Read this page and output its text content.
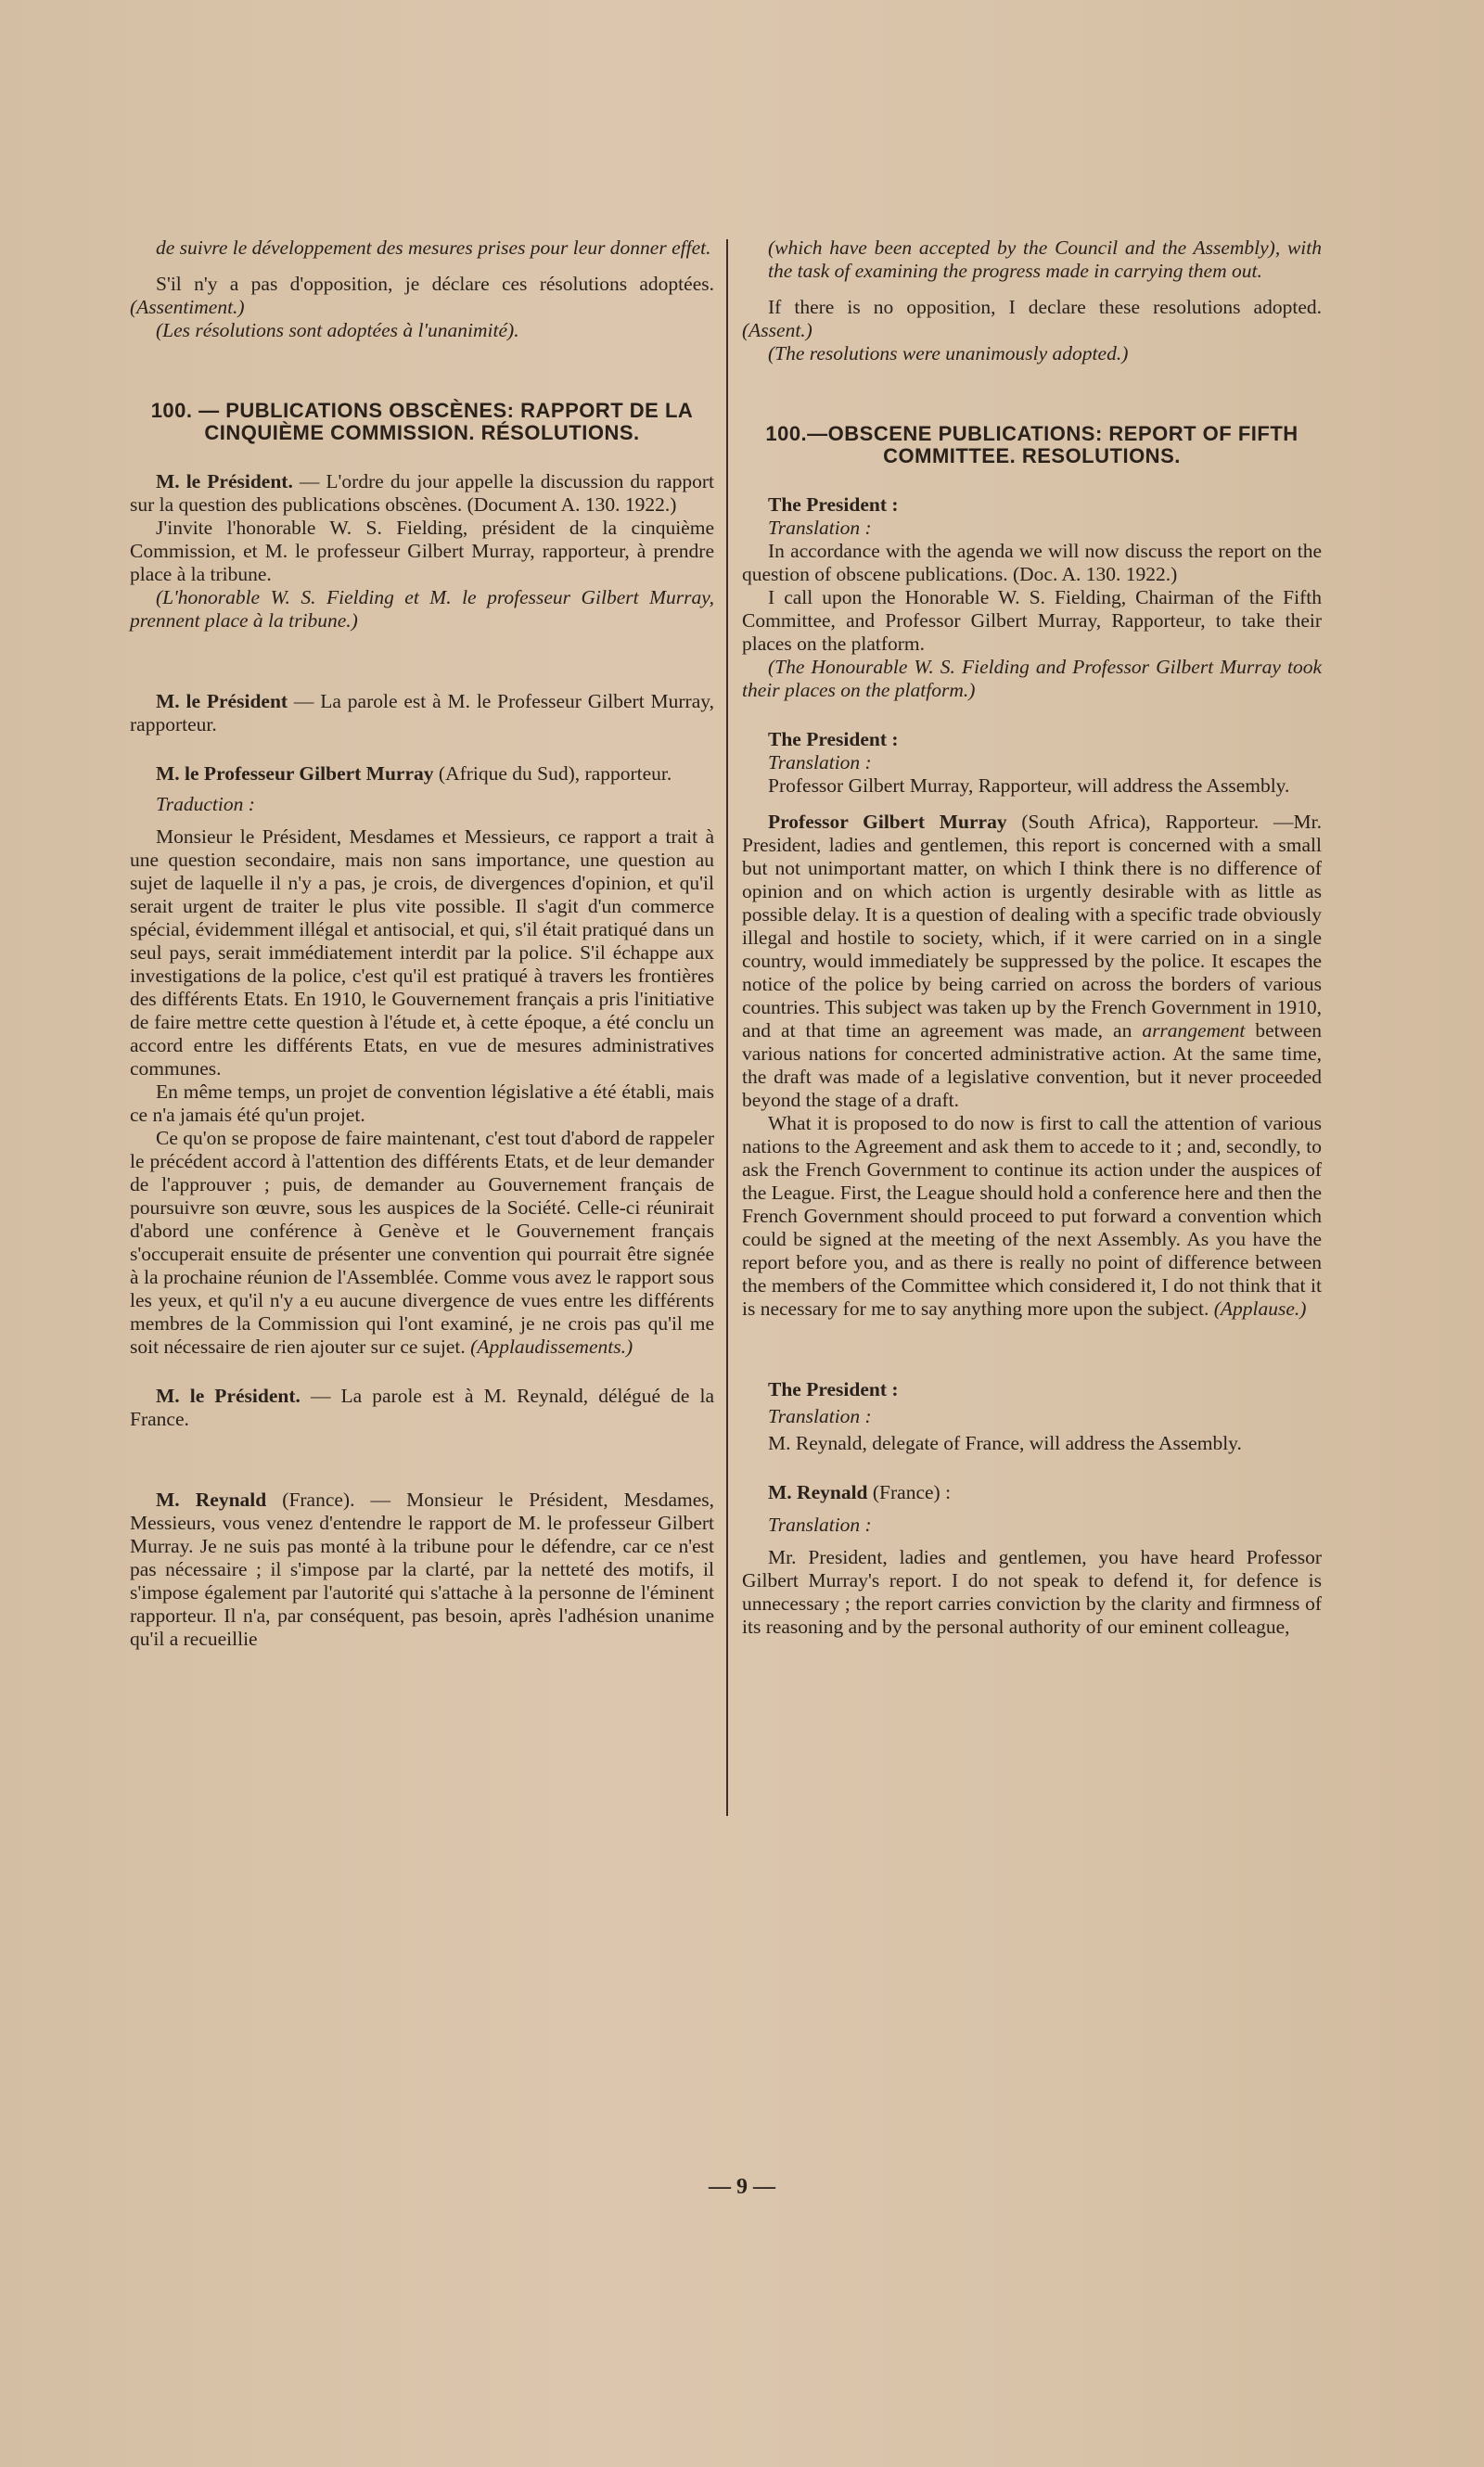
de suivre le développement des mesures prises pour leur donner effet.

S'il n'y a pas d'opposition, je déclare ces résolutions adoptées. (Assentiment.)

(Les résolutions sont adoptées à l'unanimité).

100. — PUBLICATIONS OBSCÈNES: RAPPORT DE LA CINQUIÈME COMMISSION. RÉSOLUTIONS.

M. le Président. — L'ordre du jour appelle la discussion du rapport sur la question des publications obscènes. (Document A. 130. 1922.)

J'invite l'honorable W. S. Fielding, président de la cinquième Commission, et M. le professeur Gilbert Murray, rapporteur, à prendre place à la tribune.

(L'honorable W. S. Fielding et M. le professeur Gilbert Murray, prennent place à la tribune.)

M. le Président — La parole est à M. le Professeur Gilbert Murray, rapporteur.

M. le Professeur Gilbert Murray (Afrique du Sud), rapporteur.

Traduction :

Monsieur le Président, Mesdames et Messieurs, ce rapport a trait à une question secondaire, mais non sans importance, une question au sujet de laquelle il n'y a pas, je crois, de divergences d'opinion, et qu'il serait urgent de traiter le plus vite possible. Il s'agit d'un commerce spécial, évidemment illégal et antisocial, et qui, s'il était pratiqué dans un seul pays, serait immédiatement interdit par la police. S'il échappe aux investigations de la police, c'est qu'il est pratiqué à travers les frontières des différents Etats. En 1910, le Gouvernement français a pris l'initiative de faire mettre cette question à l'étude et, à cette époque, a été conclu un accord entre les différents Etats, en vue de mesures administratives communes.

En même temps, un projet de convention législative a été établi, mais ce n'a jamais été qu'un projet.

Ce qu'on se propose de faire maintenant, c'est tout d'abord de rappeler le précédent accord à l'attention des différents Etats, et de leur demander de l'approuver ; puis, de demander au Gouvernement français de poursuivre son œuvre, sous les auspices de la Société. Celle-ci réunirait d'abord une conférence à Genève et le Gouvernement français s'occuperait ensuite de présenter une convention qui pourrait être signée à la prochaine réunion de l'Assemblée. Comme vous avez le rapport sous les yeux, et qu'il n'y a eu aucune divergence de vues entre les différents membres de la Commission qui l'ont examiné, je ne crois pas qu'il me soit nécessaire de rien ajouter sur ce sujet. (Applaudissements.)

M. le Président. — La parole est à M. Reynald, délégué de la France.

M. Reynald (France). — Monsieur le Président, Mesdames, Messieurs, vous venez d'entendre le rapport de M. le professeur Gilbert Murray. Je ne suis pas monté à la tribune pour le défendre, car ce n'est pas nécessaire ; il s'impose par la clarté, par la netteté des motifs, il s'impose également par l'autorité qui s'attache à la personne de l'éminent rapporteur. Il n'a, par conséquent, pas besoin, après l'adhésion unanime qu'il a recueillie

(which have been accepted by the Council and the Assembly), with the task of examining the progress made in carrying them out.

If there is no opposition, I declare these resolutions adopted. (Assent.)

(The resolutions were unanimously adopted.)

100.—OBSCENE PUBLICATIONS: REPORT OF FIFTH COMMITTEE. RESOLUTIONS.

The President :

Translation :

In accordance with the agenda we will now discuss the report on the question of obscene publications. (Doc. A. 130. 1922.)

I call upon the Honorable W. S. Fielding, Chairman of the Fifth Committee, and Professor Gilbert Murray, Rapporteur, to take their places on the platform.

(The Honourable W. S. Fielding and Professor Gilbert Murray took their places on the platform.)

The President :

Translation :

Professor Gilbert Murray, Rapporteur, will address the Assembly.

Professor Gilbert Murray (South Africa), Rapporteur. —Mr. President, ladies and gentlemen, this report is concerned with a small but not unimportant matter, on which I think there is no difference of opinion and on which action is urgently desirable with as little as possible delay. It is a question of dealing with a specific trade obviously illegal and hostile to society, which, if it were carried on in a single country, would immediately be suppressed by the police. It escapes the notice of the police by being carried on across the borders of various countries. This subject was taken up by the French Government in 1910, and at that time an agreement was made, an arrangement between various nations for concerted administrative action. At the same time, the draft was made of a legislative convention, but it never proceeded beyond the stage of a draft.

What it is proposed to do now is first to call the attention of various nations to the Agreement and ask them to accede to it ; and, secondly, to ask the French Government to continue its action under the auspices of the League. First, the League should hold a conference here and then the French Government should proceed to put forward a convention which could be signed at the meeting of the next Assembly. As you have the report before you, and as there is really no point of difference between the members of the Committee which considered it, I do not think that it is necessary for me to say anything more upon the subject. (Applause.)

The President :

Translation :

M. Reynald, delegate of France, will address the Assembly.

M. Reynald (France) :

Translation :

Mr. President, ladies and gentlemen, you have heard Professor Gilbert Murray's report. I do not speak to defend it, for defence is unnecessary ; the report carries conviction by the clarity and firmness of its reasoning and by the personal authority of our eminent colleague,

— 9 —
